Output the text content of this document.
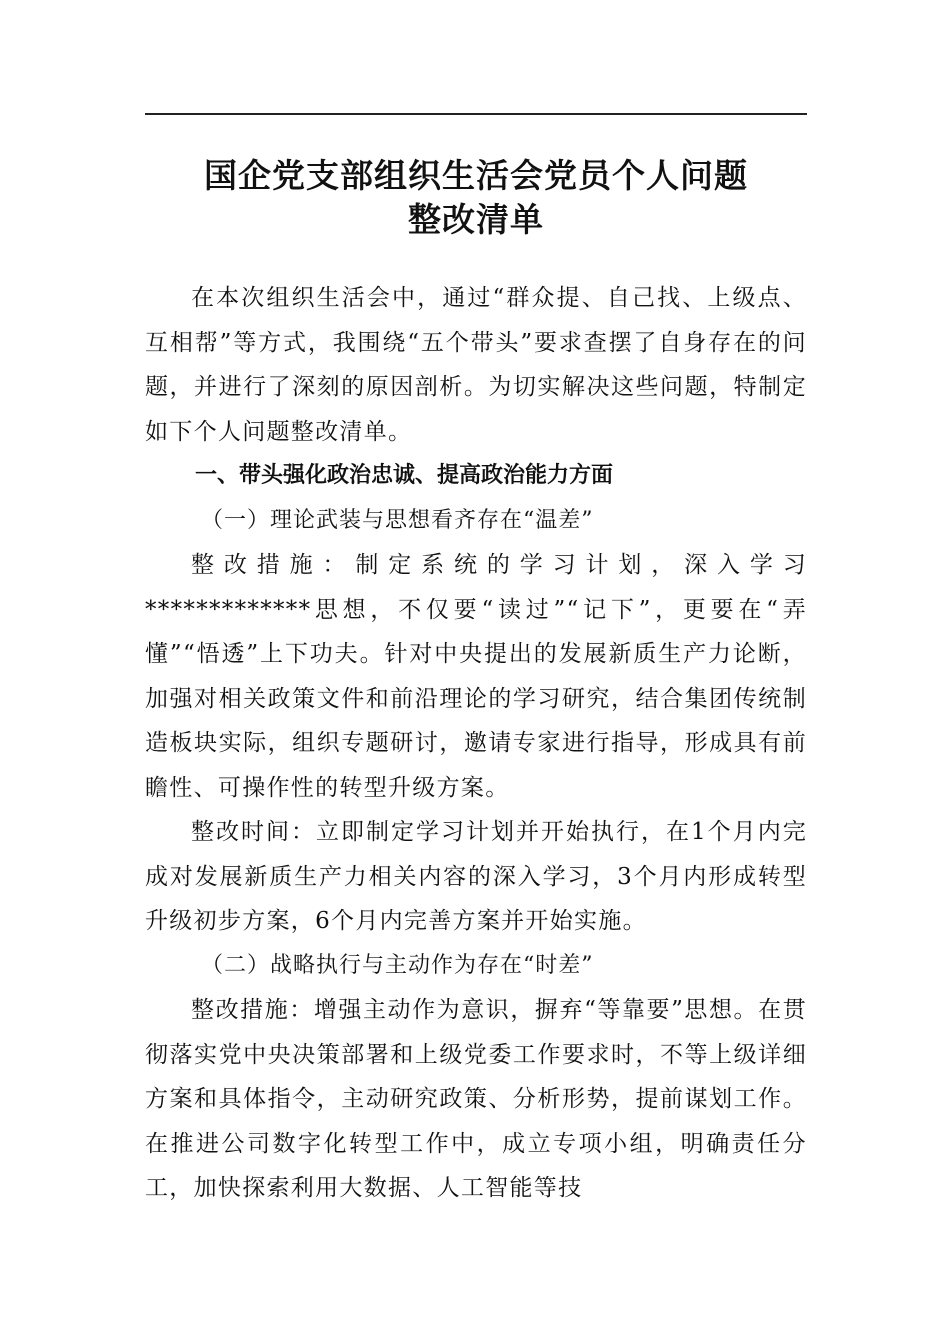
国企党支部组织生活会党员个人问题
整改清单

在本次组织生活会中，通过“群众提、自己找、上级点、互相帮”等方式，我围绕“五个带头”要求查摆了自身存在的问题，并进行了深刻的原因剖析。为切实解决这些问题，特制定如下个人问题整改清单。

一、带头强化政治忠诚、提高政治能力方面

（一）理论武装与思想看齐存在“温差”

整改措施：制定系统的学习计划，深入学习*************思想，不仅要“读过”“记下”，更要在“弄懂”“悟透”上下功夫。针对中央提出的发展新质生产力论断，加强对相关政策文件和前沿理论的学习研究，结合集团传统制造板块实际，组织专题研讨，邀请专家进行指导，形成具有前瞻性、可操作性的转型升级方案。

整改时间：立即制定学习计划并开始执行，在1个月内完成对发展新质生产力相关内容的深入学习，3个月内形成转型升级初步方案，6个月内完善方案并开始实施。

（二）战略执行与主动作为存在“时差”

整改措施：增强主动作为意识，摒弃“等靠要”思想。在贯彻落实党中央决策部署和上级党委工作要求时，不等上级详细方案和具体指令，主动研究政策、分析形势，提前谋划工作。在推进公司数字化转型工作中，成立专项小组，明确责任分工，加快探索利用大数据、人工智能等技
